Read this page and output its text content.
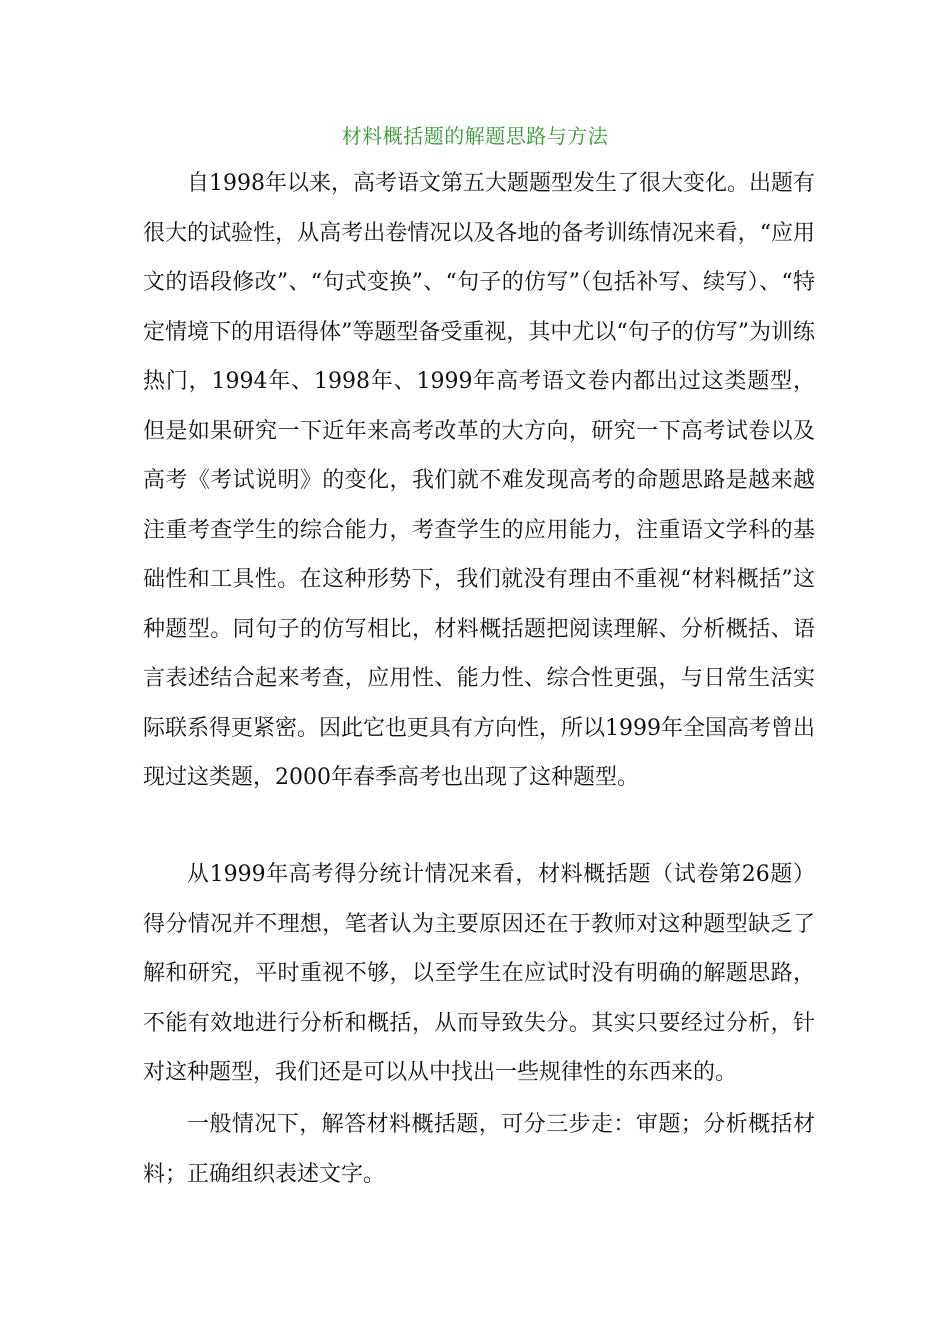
材料概括题的解题思路与方法

自1998年以来，高考语文第五大题题型发生了很大变化。出题有很大的试验性，从高考出卷情况以及各地的备考训练情况来看，“应用文的语段修改”、“句式变换”、“句子的仿写”（包括补写、续写）、“特定情境下的用语得体”等题型备受重视，其中尤以“句子的仿写”为训练热门，1994年、1998年、1999年高考语文卷内都出过这类题型，但是如果研究一下近年来高考改革的大方向，研究一下高考试卷以及高考《考试说明》的变化，我们就不难发现高考的命题思路是越来越注重考查学生的综合能力，考查学生的应用能力，注重语文学科的基础性和工具性。在这种形势下，我们就没有理由不重视“材料概括”这种题型。同句子的仿写相比，材料概括题把阅读理解、分析概括、语言表述结合起来考查，应用性、能力性、综合性更强，与日常生活实际联系得更紧密。因此它也更具有方向性，所以1999年全国高考曾出现过这类题，2000年春季高考也出现了这种题型。

从1999年高考得分统计情况来看，材料概括题（试卷第26题）得分情况并不理想，笔者认为主要原因还在于教师对这种题型缺乏了解和研究，平时重视不够，以至学生在应试时没有明确的解题思路，不能有效地进行分析和概括，从而导致失分。其实只要经过分析，针对这种题型，我们还是可以从中找出一些规律性的东西来的。

一般情况下，解答材料概括题，可分三步走：审题；分析概括材料；正确组织表述文字。
